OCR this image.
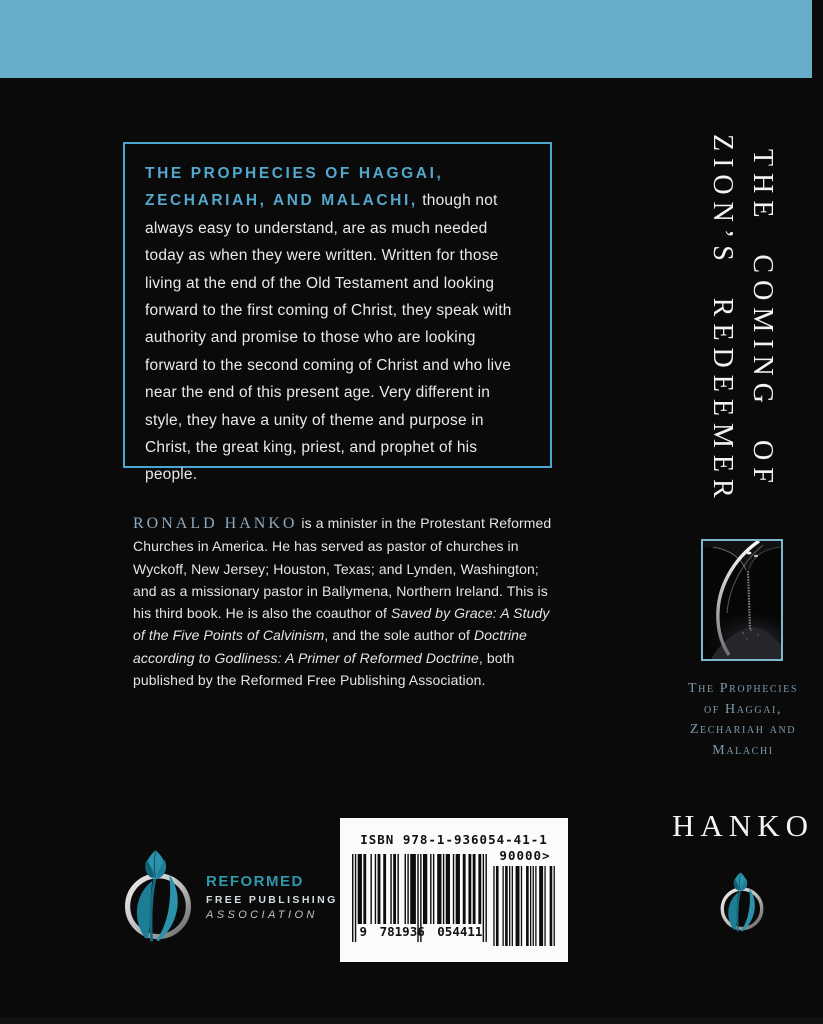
THE PROPHECIES OF HAGGAI, ZECHARIAH, AND MALACHI, though not always easy to understand, are as much needed today as when they were written. Written for those living at the end of the Old Testament and looking forward to the first coming of Christ, they speak with authority and promise to those who are looking forward to the second coming of Christ and who live near the end of this present age. Very different in style, they have a unity of theme and purpose in Christ, the great king, priest, and prophet of his people.

RONALD HANKO is a minister in the Protestant Reformed Churches in America. He has served as pastor of churches in Wyckoff, New Jersey; Houston, Texas; and Lynden, Washington; and as a missionary pastor in Ballymena, Northern Ireland. This is his third book. He is also the coauthor of Saved by Grace: A Study of the Five Points of Calvinism, and the sole author of Doctrine according to Godliness: A Primer of Reformed Doctrine, both published by the Reformed Free Publishing Association.
THE COMING OF
ZION’S REDEEMER
The Prophecies
of Haggai,
Zechariah and
Malachi
HANKO
ISBN 978-1-936054-41-1
90000>
9 781936 054411
REFORMED
FREE PUBLISHING
ASSOCIATION
